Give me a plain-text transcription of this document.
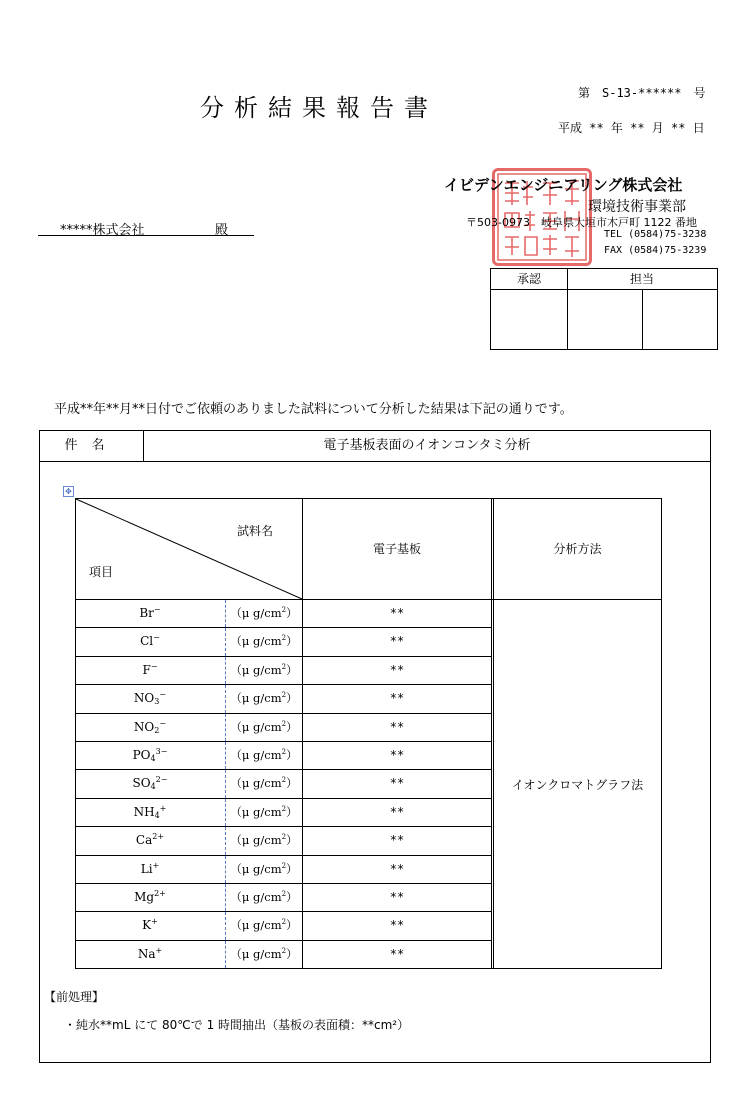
分析結果報告書
第　S-13-******　号
平成 ** 年 ** 月 ** 日
イビデンエンジニアリング株式会社
環境技術事業部
〒503-0973　岐阜県大垣市木戸町 1122 番地
TEL (0584)75-3238
FAX (0584)75-3239
*****株式会社	殿
承認	担当
平成**年**月**日付でご依頼のありました試料について分析した結果は下記の通りです。
件名	電子基板表面のイオンコンタミ分析
✥
試料名
項目
電子基板	分析方法
Br−	（μ $g/cm^2$）	**
Cl−	（μ $g/cm^2$）	**
F−	（μ $g/cm^2$）	**
$NO_3^-$	（μ $g/cm^2$）	**
$NO_2^-$	（μ $g/cm^2$）	**
$PO_4^{3-}$	（μ $g/cm^2$）	**
$SO_4^{2-}$	（μ $g/cm^2$）	**
$NH_4^+$	（μ $g/cm^2$）	**
$Ca^{2+}$	（μ $g/cm^2$）	**
Li+	（μ $g/cm^2$）	**
$Mg^{2+}$	（μ $g/cm^2$）	**
K+	（μ $g/cm^2$）	**
Na+	（μ $g/cm^2$）	**
イオンクロマトグラフ法
【前処理】
・純水**mL にて 80℃で 1 時間抽出（基板の表面積：**cm²）
